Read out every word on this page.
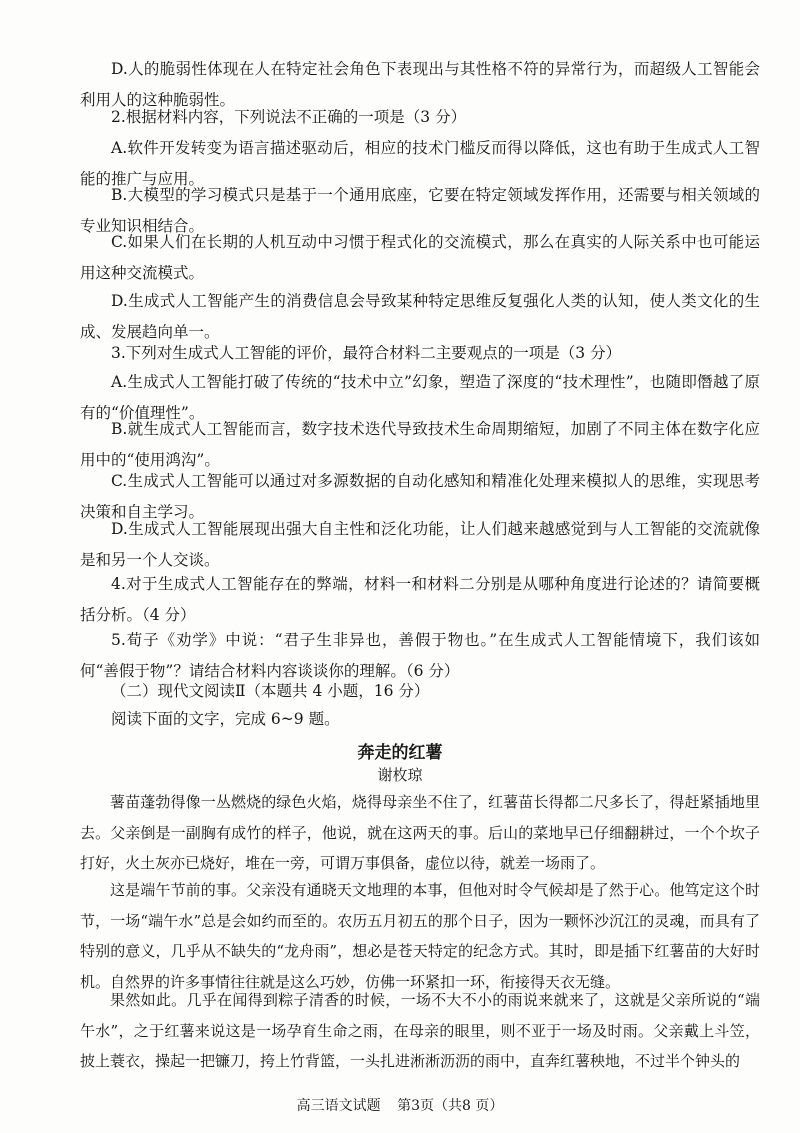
D.人的脆弱性体现在人在特定社会角色下表现出与其性格不符的异常行为，而超级人工智能会利用人的这种脆弱性。

2.根据材料内容，下列说法不正确的一项是（3 分）

A.软件开发转变为语言描述驱动后，相应的技术门槛反而得以降低，这也有助于生成式人工智能的推广与应用。

B.大模型的学习模式只是基于一个通用底座，它要在特定领域发挥作用，还需要与相关领域的专业知识相结合。

C.如果人们在长期的人机互动中习惯于程式化的交流模式，那么在真实的人际关系中也可能运用这种交流模式。

D.生成式人工智能产生的消费信息会导致某种特定思维反复强化人类的认知，使人类文化的生成、发展趋向单一。

3.下列对生成式人工智能的评价，最符合材料二主要观点的一项是（3 分）

A.生成式人工智能打破了传统的“技术中立”幻象，塑造了深度的“技术理性”，也随即僭越了原有的“价值理性”。

B.就生成式人工智能而言，数字技术迭代导致技术生命周期缩短，加剧了不同主体在数字化应用中的“使用鸿沟”。

C.生成式人工智能可以通过对多源数据的自动化感知和精准化处理来模拟人的思维，实现思考决策和自主学习。

D.生成式人工智能展现出强大自主性和泛化功能，让人们越来越感觉到与人工智能的交流就像是和另一个人交谈。

4.对于生成式人工智能存在的弊端，材料一和材料二分别是从哪种角度进行论述的？请简要概括分析。（4 分）

5.荀子《劝学》中说：“君子生非异也，善假于物也。”在生成式人工智能情境下，我们该如何“善假于物”？请结合材料内容谈谈你的理解。（6 分）

（二）现代文阅读Ⅱ（本题共 4 小题，16 分）

阅读下面的文字，完成 6~9 题。

奔走的红薯

谢枚琼

薯苗蓬勃得像一丛燃烧的绿色火焰，烧得母亲坐不住了，红薯苗长得都二尺多长了，得赶紧插地里去。父亲倒是一副胸有成竹的样子，他说，就在这两天的事。后山的菜地早已仔细翻耕过，一个个坎子打好，火土灰亦已烧好，堆在一旁，可谓万事俱备，虚位以待，就差一场雨了。

这是端午节前的事。父亲没有通晓天文地理的本事，但他对时令气候却是了然于心。他笃定这个时节，一场“端午水”总是会如约而至的。农历五月初五的那个日子，因为一颗怀沙沉江的灵魂，而具有了特别的意义，几乎从不缺失的“龙舟雨”，想必是苍天特定的纪念方式。其时，即是插下红薯苗的大好时机。自然界的许多事情往往就是这么巧妙，仿佛一环紧扣一环，衔接得天衣无缝。

果然如此。几乎在闻得到粽子清香的时候，一场不大不小的雨说来就来了，这就是父亲所说的“端午水”，之于红薯来说这是一场孕育生命之雨，在母亲的眼里，则不亚于一场及时雨。父亲戴上斗笠，披上蓑衣，操起一把镰刀，挎上竹背篮，一头扎进淅淅沥沥的雨中，直奔红薯秧地，不过半个钟头的

高三语文试题 第3页（共8 页）
